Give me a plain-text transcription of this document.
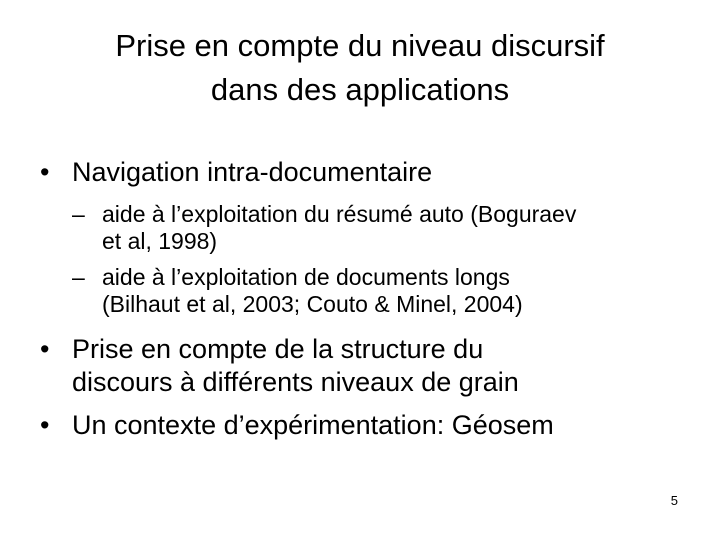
Prise en compte du niveau discursif
dans des applications
• Navigation intra-documentaire
– aide à l’exploitation du résumé auto (Boguraev
et al, 1998)
– aide à l’exploitation de documents longs
(Bilhaut et al, 2003; Couto & Minel, 2004)
• Prise en compte de la structure du
discours à différents niveaux de grain
• Un contexte d’expérimentation: Géosem
5
